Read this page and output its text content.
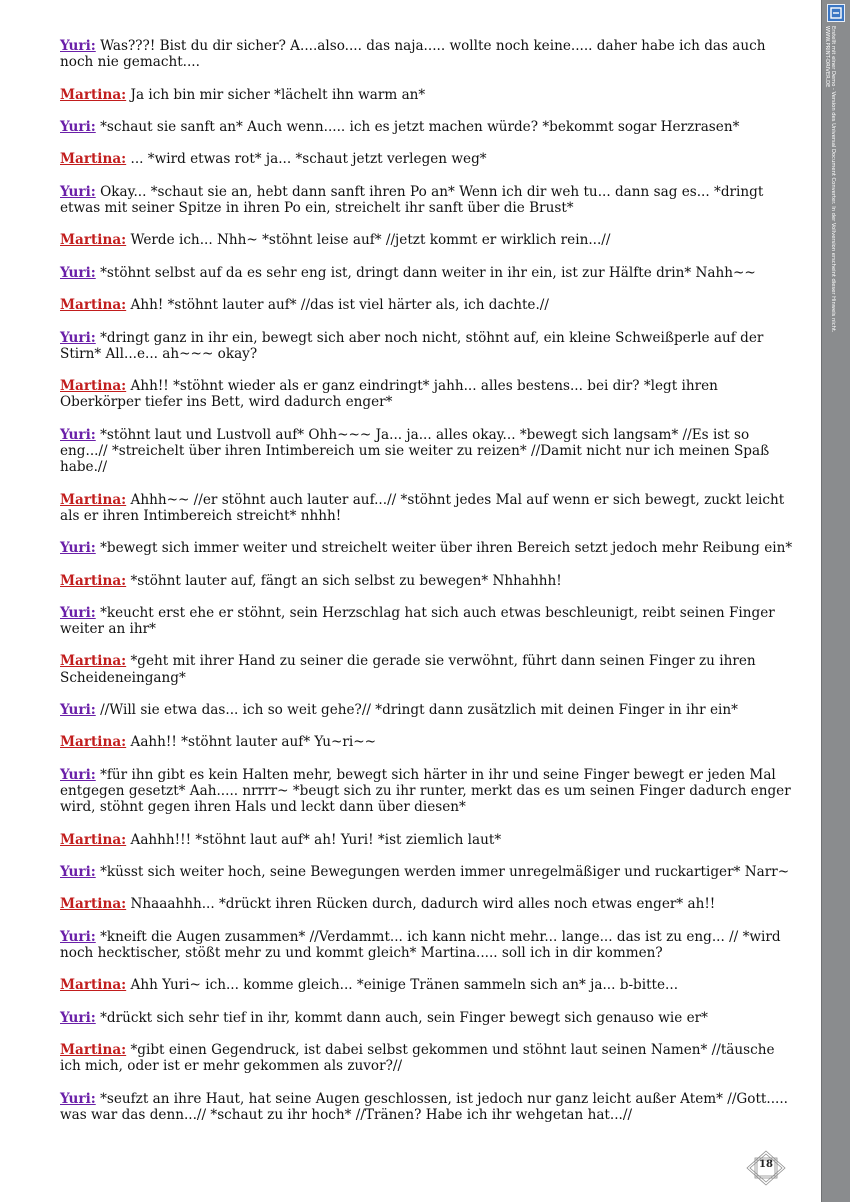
Yuri: Was???! Bist du dir sicher? A....also.... das naja..... wollte noch keine..... daher habe ich das auch noch nie gemacht....

Martina: Ja ich bin mir sicher *lächelt ihn warm an*

Yuri: *schaut sie sanft an* Auch wenn..... ich es jetzt machen würde? *bekommt sogar Herzrasen*

Martina: ... *wird etwas rot* ja... *schaut jetzt verlegen weg*

Yuri: Okay... *schaut sie an, hebt dann sanft ihren Po an* Wenn ich dir weh tu... dann sag es... *dringt etwas mit seiner Spitze in ihren Po ein, streichelt ihr sanft über die Brust*

Martina: Werde ich... Nhh~ *stöhnt leise auf* //jetzt kommt er wirklich rein...//

Yuri: *stöhnt selbst auf da es sehr eng ist, dringt dann weiter in ihr ein, ist zur Hälfte drin* Nahh~~

Martina: Ahh! *stöhnt lauter auf* //das ist viel härter als, ich dachte.//

Yuri: *dringt ganz in ihr ein, bewegt sich aber noch nicht, stöhnt auf, ein kleine Schweißperle auf der Stirn* All...e... ah~~~ okay?

Martina: Ahh!! *stöhnt wieder als er ganz eindringt* jahh... alles bestens... bei dir? *legt ihren Oberkörper tiefer ins Bett, wird dadurch enger*

Yuri: *stöhnt laut und Lustvoll auf* Ohh~~~ Ja... ja... alles okay... *bewegt sich langsam* //Es ist so eng...// *streichelt über ihren Intimbereich um sie weiter zu reizen* //Damit nicht nur ich meinen Spaß habe.//

Martina: Ahhh~~ //er stöhnt auch lauter auf...// *stöhnt jedes Mal auf wenn er sich bewegt, zuckt leicht als er ihren Intimbereich streicht* nhhh!

Yuri: *bewegt sich immer weiter und streichelt weiter über ihren Bereich setzt jedoch mehr Reibung ein*

Martina: *stöhnt lauter auf, fängt an sich selbst zu bewegen* Nhhahhh!

Yuri: *keucht erst ehe er stöhnt, sein Herzschlag hat sich auch etwas beschleunigt, reibt seinen Finger weiter an ihr*

Martina: *geht mit ihrer Hand zu seiner die gerade sie verwöhnt, führt dann seinen Finger zu ihren Scheideneingang*

Yuri: //Will sie etwa das... ich so weit gehe?// *dringt dann zusätzlich mit deinen Finger in ihr ein*

Martina: Aahh!! *stöhnt lauter auf* Yu~ri~~

Yuri: *für ihn gibt es kein Halten mehr, bewegt sich härter in ihr und seine Finger bewegt er jeden Mal entgegen gesetzt* Aah..... nrrrr~ *beugt sich zu ihr runter, merkt das es um seinen Finger dadurch enger wird, stöhnt gegen ihren Hals und leckt dann über diesen*

Martina: Aahhh!!! *stöhnt laut auf* ah! Yuri! *ist ziemlich laut*

Yuri: *küsst sich weiter hoch, seine Bewegungen werden immer unregelmäßiger und ruckartiger* Narr~

Martina: Nhaaahhh... *drückt ihren Rücken durch, dadurch wird alles noch etwas enger* ah!!

Yuri: *kneift die Augen zusammen* //Verdammt... ich kann nicht mehr... lange... das ist zu eng... // *wird noch hecktischer, stößt mehr zu und kommt gleich* Martina..... soll ich in dir kommen?

Martina: Ahh Yuri~ ich... komme gleich... *einige Tränen sammeln sich an* ja... b-bitte...

Yuri: *drückt sich sehr tief in ihr, kommt dann auch, sein Finger bewegt sich genauso wie er*

Martina: *gibt einen Gegendruck, ist dabei selbst gekommen und stöhnt laut seinen Namen* //täusche ich mich, oder ist er mehr gekommen als zuvor?//

Yuri: *seufzt an ihre Haut, hat seine Augen geschlossen, ist jedoch nur ganz leicht außer Atem* //Gott..... was war das denn...// *schaut zu ihr hoch* //Tränen? Habe ich ihr wehgetan hat...//

18
Erstellt mit einer Demo - Version des Universal Document Converter. In der Vollversion erscheint dieser Hinweis nicht.
WWW.PRINT-DRIVER.DE
